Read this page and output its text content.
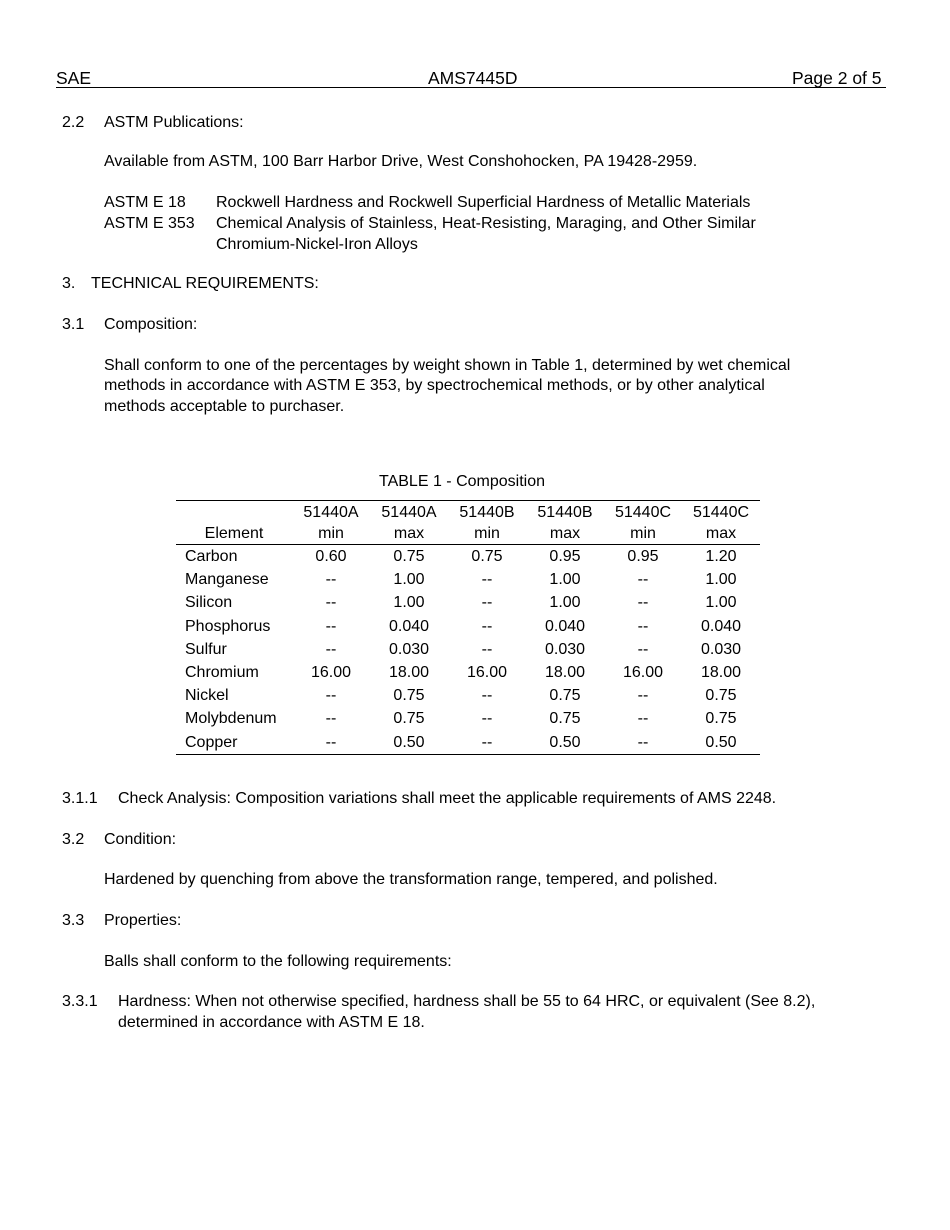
SAE	AMS7445D	Page 2 of 5
2.2 ASTM Publications:
Available from ASTM, 100 Barr Harbor Drive, West Conshohocken, PA 19428-2959.
ASTM E 18 Rockwell Hardness and Rockwell Superficial Hardness of Metallic Materials
ASTM E 353 Chemical Analysis of Stainless, Heat-Resisting, Maraging, and Other Similar
Chromium-Nickel-Iron Alloys
3. TECHNICAL REQUIREMENTS:
3.1 Composition:
Shall conform to one of the percentages by weight shown in Table 1, determined by wet chemical
methods in accordance with ASTM E 353, by spectrochemical methods, or by other analytical
methods acceptable to purchaser.
TABLE 1 - Composition
	51440A	51440A	51440B	51440B	51440C	51440C
Element	min	max	min	max	min	max
Carbon	0.60	0.75	0.75	0.95	0.95	1.20
Manganese	--	1.00	--	1.00	--	1.00
Silicon	--	1.00	--	1.00	--	1.00
Phosphorus	--	0.040	--	0.040	--	0.040
Sulfur	--	0.030	--	0.030	--	0.030
Chromium	16.00	18.00	16.00	18.00	16.00	18.00
Nickel	--	0.75	--	0.75	--	0.75
Molybdenum	--	0.75	--	0.75	--	0.75
Copper	--	0.50	--	0.50	--	0.50
3.1.1 Check Analysis: Composition variations shall meet the applicable requirements of AMS 2248.
3.2 Condition:
Hardened by quenching from above the transformation range, tempered, and polished.
3.3 Properties:
Balls shall conform to the following requirements:
3.3.1 Hardness: When not otherwise specified, hardness shall be 55 to 64 HRC, or equivalent (See 8.2),
determined in accordance with ASTM E 18.
